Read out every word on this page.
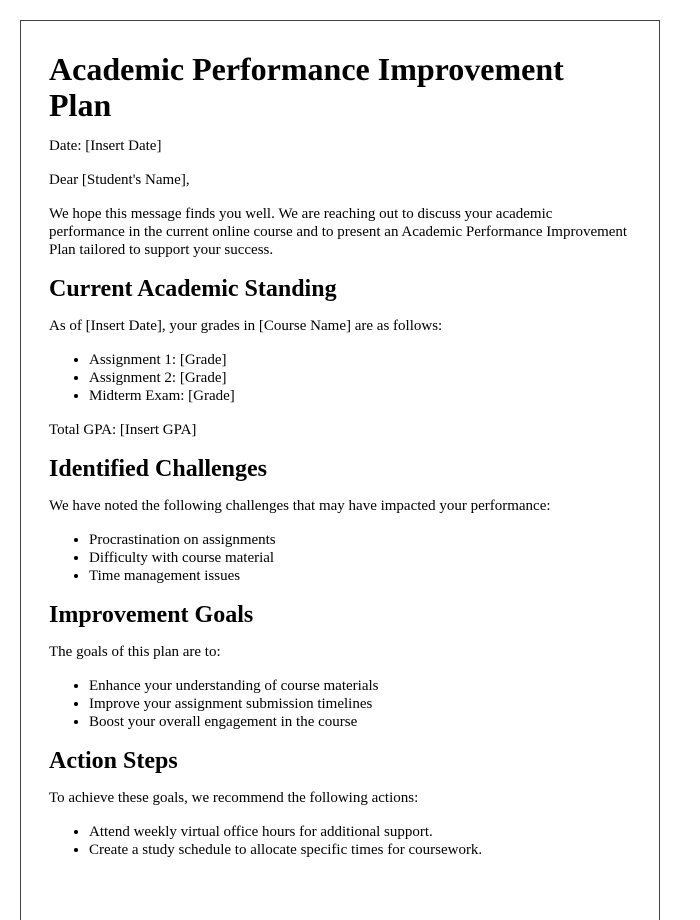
Academic Performance Improvement Plan

Date: [Insert Date]

Dear [Student's Name],

We hope this message finds you well. We are reaching out to discuss your academic performance in the current online course and to present an Academic Performance Improvement Plan tailored to support your success.

Current Academic Standing

As of [Insert Date], your grades in [Course Name] are as follows:

• Assignment 1: [Grade]
• Assignment 2: [Grade]
• Midterm Exam: [Grade]

Total GPA: [Insert GPA]

Identified Challenges

We have noted the following challenges that may have impacted your performance:

• Procrastination on assignments
• Difficulty with course material
• Time management issues
Improvement Goals

The goals of this plan are to:

• Enhance your understanding of course materials
• Improve your assignment submission timelines
• Boost your overall engagement in the course
Action Steps

To achieve these goals, we recommend the following actions:

• Attend weekly virtual office hours for additional support.
• Create a study schedule to allocate specific times for coursework.
